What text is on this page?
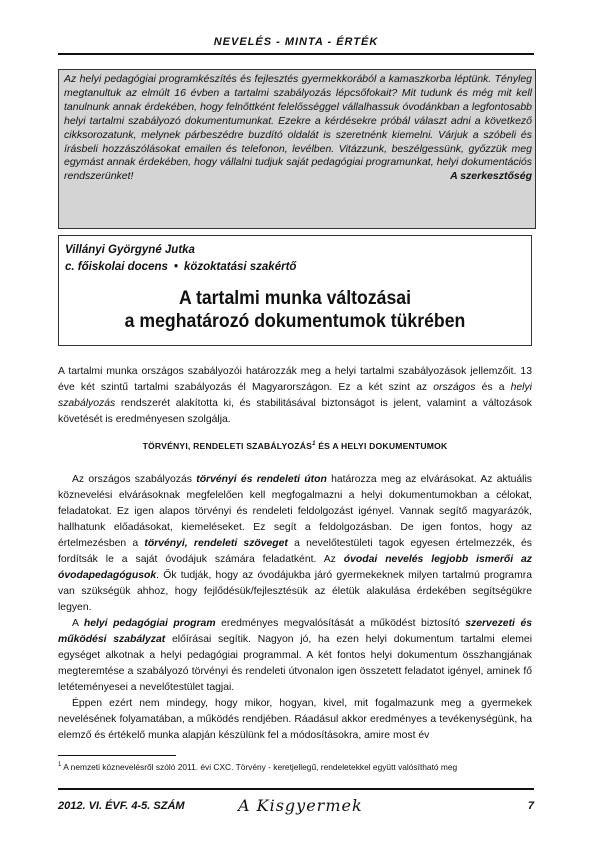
NEVELÉS - MINTA - ÉRTÉK
Az helyi pedagógiai programkészítés és fejlesztés gyermekkorából a kamaszkorba léptünk. Tényleg megtanultuk az elmúlt 16 évben a tartalmi szabályozás lépcsőfokait? Mit tudunk és még mit kell tanulnunk annak érdekében, hogy felnőttként felelősséggel vállalhassuk óvodánkban a legfontosabb helyi tartalmi szabályozó dokumentumunkat. Ezekre a kérdésekre próbál választ adni a következő cikksorozatunk, melynek párbeszédre buzdító oldalát is szeretnénk kiemelni. Várjuk a szóbeli és írásbeli hozzászólásokat emailen és telefonon, levélben. Vitázzunk, beszélgessünk, győzzük meg egymást annak érdekében, hogy vállalni tudjuk saját pedagógiai programunkat, helyi dokumentációs rendszerünket!	A szerkesztőség
Villányi Györgyné Jutka
c. főiskolai docens • közoktatási szakértő
A tartalmi munka változásai
a meghatározó dokumentumok tükrében

A tartalmi munka országos szabályozói határozzák meg a helyi tartalmi szabályozások jellemzőit. 13 éve két szintű tartalmi szabályozás él Magyarországon. Ez a két szint az országos és a helyi szabályozás rendszerét alakította ki, és stabilitásával biztonságot is jelent, valamint a változások követését is eredményesen szolgálja.

TÖRVÉNYI, RENDELETI SZABÁLYOZÁS$^1$ ÉS A HELYI DOKUMENTUMOK

Az országos szabályozás törvényi és rendeleti úton határozza meg az elvárásokat. Az aktuális köznevelési elvárásoknak megfelelően kell megfogalmazni a helyi dokumentumokban a célokat, feladatokat. Ez igen alapos törvényi és rendeleti feldolgozást igényel. Vannak segítő magyarázók, hallhatunk előadásokat, kiemeléseket. Ez segít a feldolgozásban. De igen fontos, hogy az értelmezésben a törvényi, rendeleti szöveget a nevelőtestületi tagok egyesen értelmezzék, és fordítsák le a saját óvodájuk számára feladatként. Az óvodai nevelés legjobb ismerői az óvodapedagógusok. Ők tudják, hogy az óvodájukba járó gyermekeknek milyen tartalmú programra van szükségük ahhoz, hogy fejlődésük/fejlesztésük az életük alakulása érdekében segítségükre legyen.

A helyi pedagógiai program eredményes megvalósítását a működést biztosító szervezeti és működési szabályzat előírásai segítik. Nagyon jó, ha ezen helyi dokumentum tartalmi elemei egységet alkotnak a helyi pedagógiai programmal. A két fontos helyi dokumentum összhangjának megteremtése a szabályozó törvényi és rendeleti útvonalon igen összetett feladatot igényel, aminek fő letéteményesei a nevelőtestület tagjai.

Éppen ezért nem mindegy, hogy mikor, hogyan, kivel, mit fogalmazunk meg a gyermekek nevelésének folyamatában, a működés rendjében. Ráadásul akkor eredményes a tevékenységünk, ha elemző és értékelő munka alapján készülünk fel a módosításokra, amire most év

$^1$ A nemzeti köznevelésről szóló 2011. évi CXC. Törvény - keretjellegű, rendeletekkel együtt valósítható meg
2012. VI. ÉVF. 4-5. SZÁM	A Kisgyermek	7
